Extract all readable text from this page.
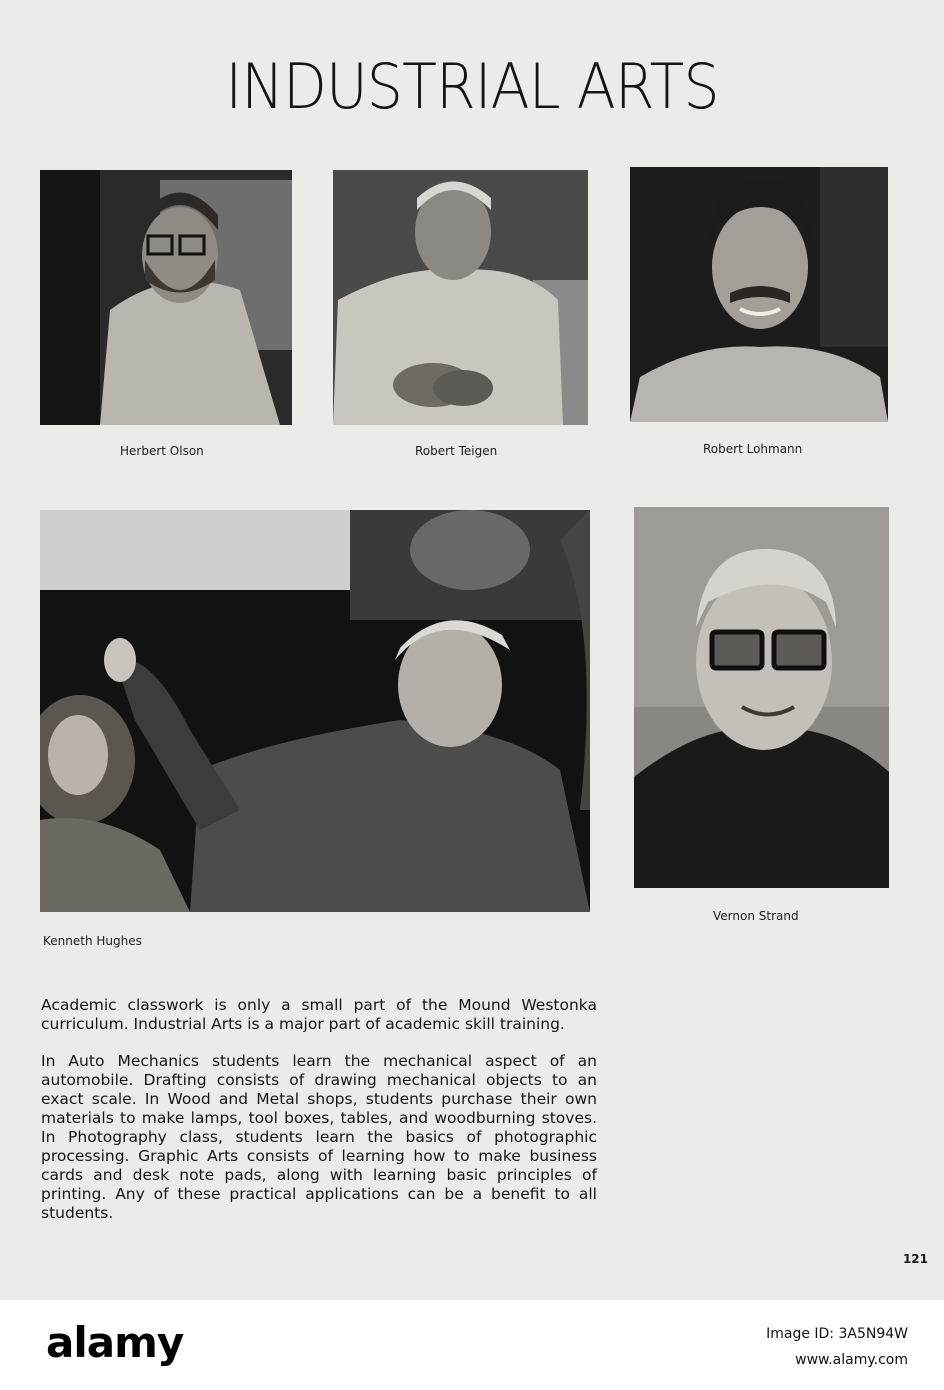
INDUSTRIAL ARTS
Herbert Olson	Robert Teigen	Robert Lohmann
Kenneth Hughes
Vernon Strand

Academic classwork is only a small part of the Mound Westonka curriculum. Industrial Arts is a major part of academic skill training.

In Auto Mechanics students learn the mechanical aspect of an automobile. Drafting consists of drawing mechanical objects to an exact scale. In Wood and Metal shops, students purchase their own materials to make lamps, tool boxes, tables, and woodburning stoves. In Photography class, students learn the basics of photographic processing. Graphic Arts consists of learning how to make business cards and desk note pads, along with learning basic principles of printing. Any of these practical applications can be a benefit to all students.

121
alamy	Image ID: 3A5N94W
www.alamy.com
